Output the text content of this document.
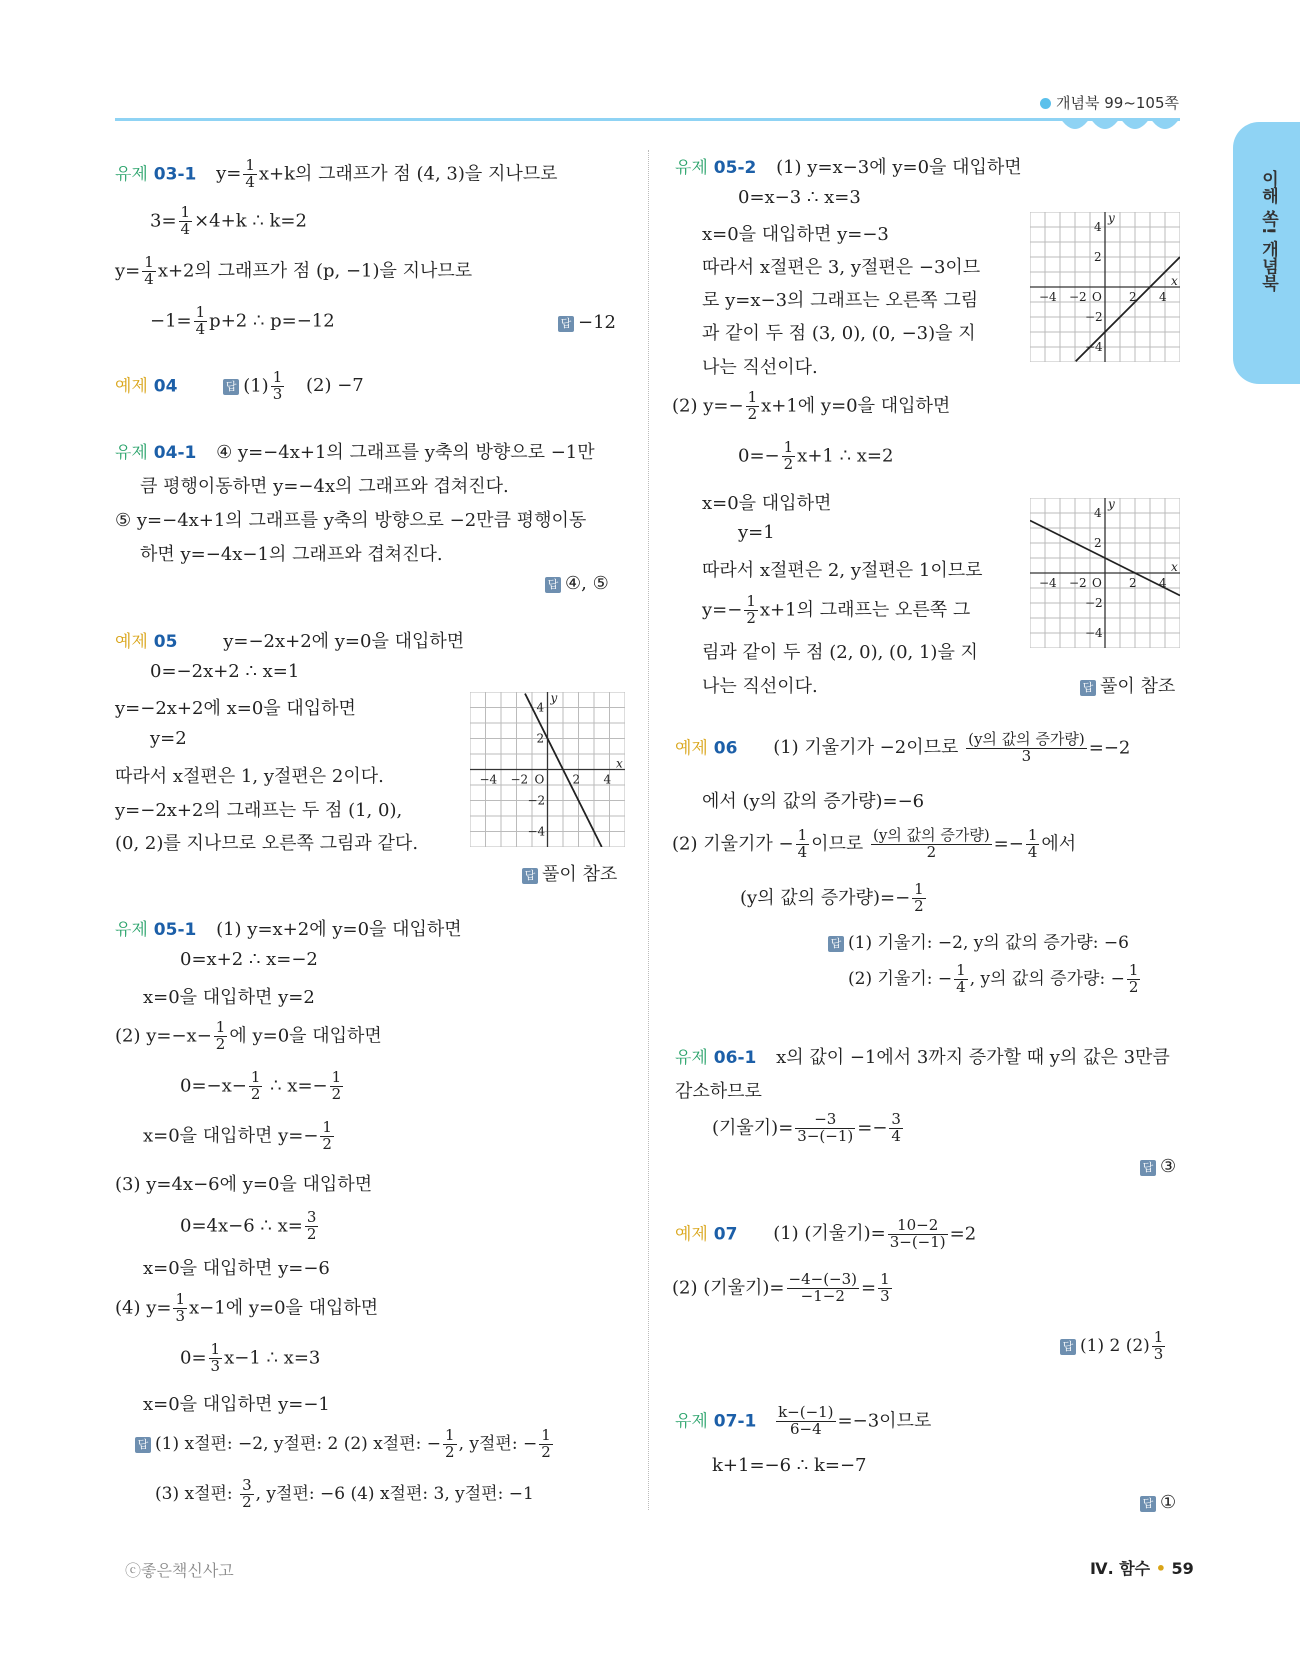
개념북 99~105쪽
이해 쏙! 개념북
유제 03-1 $y= \frac{1}{4} x+k$의 그래프가 점 (4, 3)을 지나므로
$3= \frac{1}{4} \times 4+k$ ∴ k=2
$y= \frac{1}{4} x+2$의 그래프가 점 (p, −1)을 지나므로
$-1= \frac{1}{4} p+2$ ∴ p=−12	답 −12
예제 04	답 $(1) \frac{1}{3} (2) -7$
유제 04-1 ④ y=−4x+1의 그래프를 y축의 방향으로 −1만
큼 평행이동하면 y=−4x의 그래프와 겹쳐진다.
⑤ y=−4x+1의 그래프를 y축의 방향으로 −2만큼 평행이동
하면 y=−4x−1의 그래프와 겹쳐진다.
답 ④, ⑤
예제 05	y=−2x+2에 y=0을 대입하면
0=−2x+2 ∴ x=1
y=−2x+2에 x=0을 대입하면
y=2
따라서 x절편은 1, y절편은 2이다.
y=−2x+2의 그래프는 두 점 (1, 0),
(0, 2)를 지나므로 오른쪽 그림과 같다.
답 풀이 참조
−4 −2 O 2 4
4
2
−2
−4
x
y
유제 05-1 (1) y=x+2에 y=0을 대입하면
0=x+2 ∴ x=−2
x=0을 대입하면 y=2
(2) $y=-x- \frac{1}{2}$ 에 y=0을 대입하면
$0=-x- \frac{1}{2}$ ∴ $x=- \frac{1}{2}$
x=0을 대입하면 $y=- \frac{1}{2}$
(3) y=4x−6에 y=0을 대입하면
0=4x−6 ∴ $x= \frac{3}{2}$
x=0을 대입하면 y=−6
(4) $y= \frac{1}{3} x-1$에 y=0을 대입하면
$0= \frac{1}{3} x-1$ ∴ x=3
x=0을 대입하면 y=−1
답 (1) x절편: −2, y절편: 2 (2) x절편: − $\frac{1}{2}$ , y절편: − $\frac{1}{2}$
(3) x절편: $\frac{3}{2}$ , y절편: −6 (4) x절편: 3, y절편: −1
유제 05-2 (1) y=x−3에 y=0을 대입하면
0=x−3 ∴ x=3
x=0을 대입하면 y=−3
따라서 x절편은 3, y절편은 −3이므
로 y=x−3의 그래프는 오른쪽 그림
과 같이 두 점 (3, 0), (0, −3)을 지
나는 직선이다.
−4 −2 O 2 4
4
2
−2
−4
x
y
(2) $y=- \frac{1}{2} x+1$에 y=0을 대입하면
$0=- \frac{1}{2} x+1$ ∴ x=2
x=0을 대입하면
y=1
따라서 x절편은 2, y절편은 1이므로
$y=- \frac{1}{2} x+1$의 그래프는 오른쪽 그
림과 같이 두 점 (2, 0), (0, 1)을 지
나는 직선이다.
−4 −2 O 2 4
4
2
−2
−4
x
y
답 풀이 참조
예제 06 (1) 기울기가 −2이므로 $\frac{\text{(y의 값의 증가량)}}{3} =-2$
에서 (y의 값의 증가량)=−6
(2) 기울기가 − $\frac{1}{4}$ 이므로 $\frac{\text{(y의 값의 증가량)}}{2} =- \frac{1}{4}$ 에서
(y의 값의 증가량)=− $\frac{1}{2}$
답 (1) 기울기: −2, y의 값의 증가량: −6
(2) 기울기: − $\frac{1}{4}$ , y의 값의 증가량: − $\frac{1}{2}$
유제 06-1 x의 값이 −1에서 3까지 증가할 때 y의 값은 3만큼
감소하므로
(기울기)= $\frac{-3}{3-(-1)} =- \frac{3}{4}$
답 ③
예제 07 (1) (기울기)= $\frac{10-2}{3-(-1)} =2$
(2) (기울기)= $\frac{-4-(-3)}{-1-2} = \frac{1}{3}$
답 (1) 2 $(2) \frac{1}{3}$
유제 $07-1 \frac{k-(-1)}{6-4} =-3$이므로
k+1=−6 ∴ k=−7
답 ①
ⓒ좋은책신사고	Ⅳ. 함수 • 59
